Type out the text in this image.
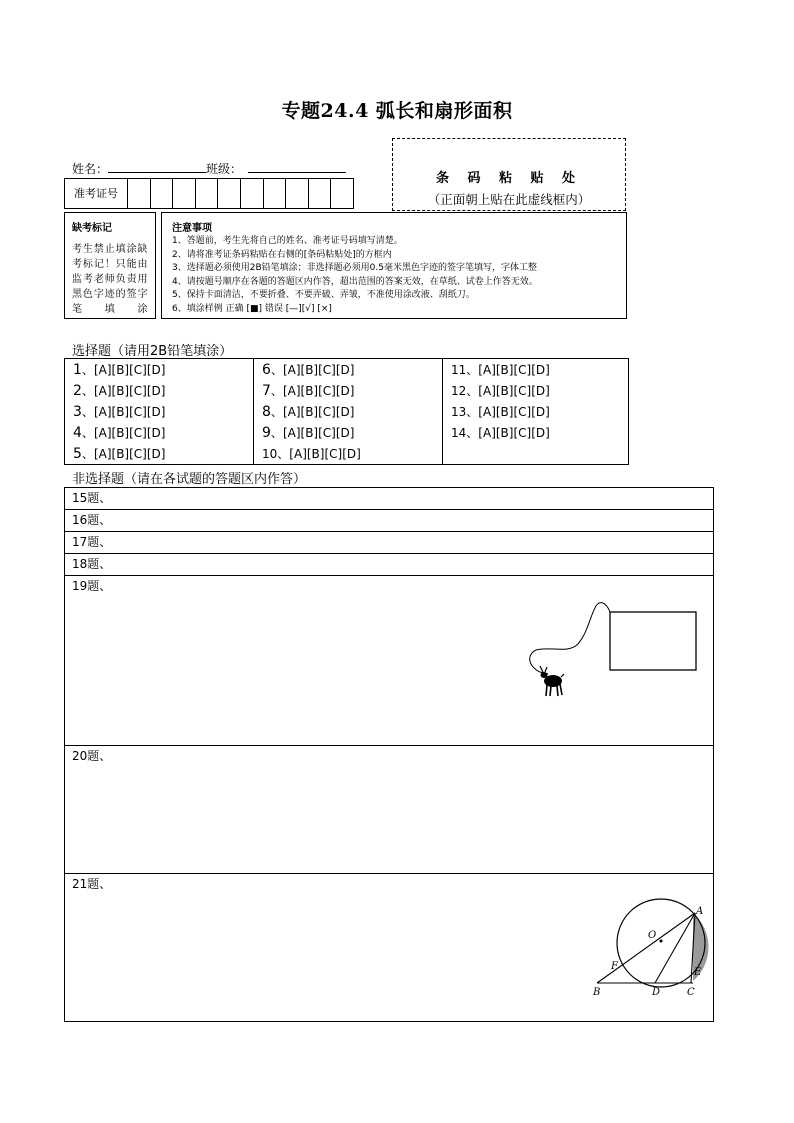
专题24.4 弧长和扇形面积
姓名：	班级：
条 码 粘 贴 处
（正面朝上贴在此虚线框内）
准考证号
缺考标记
考生禁止填涂缺考标记！只能由监考老师负责用黑色字迹的签字笔填涂
注意事项
1、答题前，考生先将自己的姓名、准考证号码填写清楚。
2、请将准考证条码粘贴在右侧的[条码粘贴处]的方框内
3、选择题必须使用2B铅笔填涂；非选择题必须用0.5毫米黑色字迹的签字笔填写，字体工整
4、请按题号顺序在各题的答题区内作答，超出范围的答案无效，在草纸、试卷上作答无效。
5、保持卡面清洁，不要折叠、不要弄破、弄皱，不准使用涂改液、刮纸刀。
6、填涂样例 正确 [■] 错误 [—][√] [×]
选择题（请用2B铅笔填涂）
1、[A][B][C][D]
2、[A][B][C][D]
3、[A][B][C][D]
4、[A][B][C][D]
5、[A][B][C][D]
6、[A][B][C][D]
7、[A][B][C][D]
8、[A][B][C][D]
9、[A][B][C][D]
10、[A][B][C][D]
11、[A][B][C][D]
12、[A][B][C][D]
13、[A][B][C][D]
14、[A][B][C][D]
非选择题（请在各试题的答题区内作答）
15题、
16题、
17题、
18题、
19题、
20题、
21题、
O
A
B	C
D
E
F
